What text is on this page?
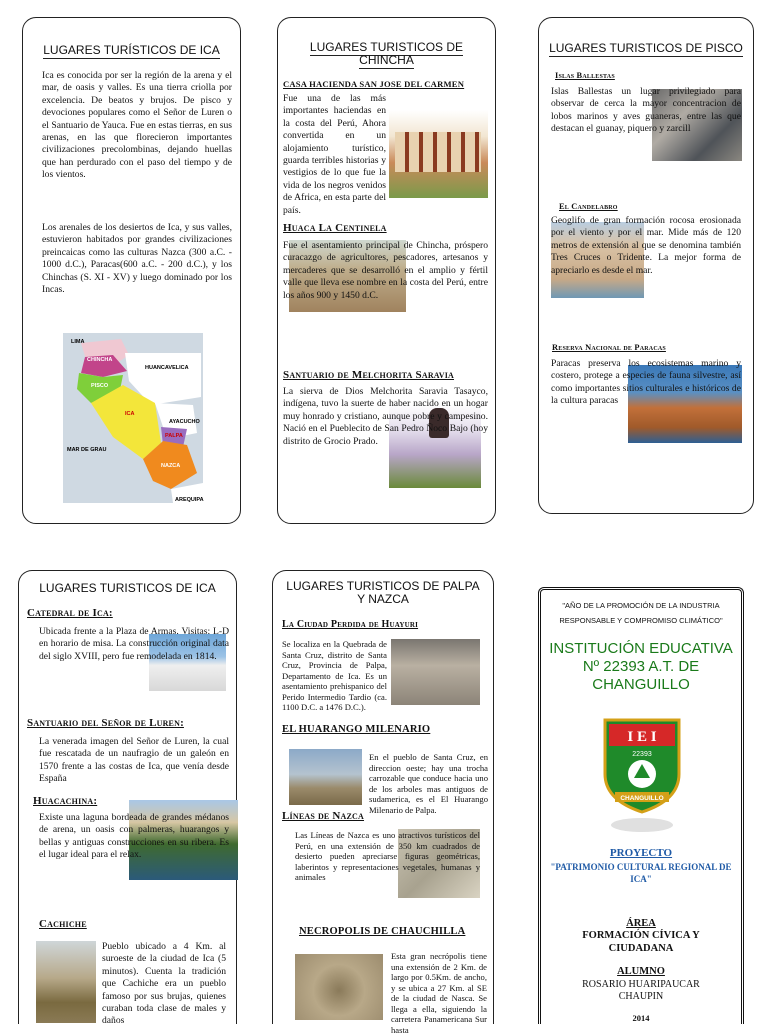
LUGARES TURÍSTICOS DE ICA

Ica es conocida por ser la región de la arena y el mar, de oasis y valles. Es una tierra criolla por excelencia. De beatos y brujos. De pisco y devociones populares como el Señor de Luren o el Santuario de Yauca. Fue en estas tierras, en sus arenas, en las que florecieron importantes civilizaciones precolombinas, dejando huellas que han perdurado con el paso del tiempo y de los vientos.

Los arenales de los desiertos de Ica, y sus valles, estuvieron habitados por grandes civilizaciones preincaicas como las culturas Nazca (300 a.C. - 1000 d.C.), Paracas(600 a.C. - 200 d.C.), y los Chinchas (S. XI - XV) y luego dominado por los Incas.

LIMA
CHINCHA
HUANCAVELICA
PISCO
ICA
AYACUCHO
PALPA
MAR DE GRAU
NAZCA
AREQUIPA

LUGARES TURISTICOS DE CHINCHA

CASA HACIENDA SAN JOSE DEL CARMEN

Fue una de las más importantes haciendas en la costa del Perú, Ahora convertida en un alojamiento turístico, guarda terribles historias y vestigios de lo que fue la vida de los negros venidos de Africa, en esta parte del país.

Huaca La Centinela

Fue el asentamiento principal de Chincha, próspero curacazgo de agricultores, pescadores, artesanos y mercaderes que se desarrolló en el amplio y fértil valle que lleva ese nombre en la costa del Perú, entre los años 900 y 1450 d.C.

Santuario de Melchorita Saravia

La sierva de Dios Melchorita Saravia Tasayco, indígena, tuvo la suerte de haber nacido en un hogar muy honrado y cristiano, aunque pobre y campesino. Nació en el Pueblecito de San Pedro Ñoco Bajo (hoy distrito de Grocio Prado.

LUGARES TURISTICOS DE PISCO

Islas Ballestas

Islas Ballestas un lugar privilegiado para observar de cerca la mayor concentracion de lobos marinos y aves guaneras, entre las que destacan el guanay, piquero y zarcill

El Candelabro

Geoglifo de gran formación rocosa erosionada por el viento y por el mar. Mide más de 120 metros de extensión al que se denomina también Tres Cruces o Tridente. La mejor forma de apreciarlo es desde el mar.

Reserva Nacional de Paracas

Paracas preserva los ecosistemas marino y costero, protege a especies de fauna silvestre, así como importantes sitios culturales e históricos de la cultura paracas

LUGARES TURISTICOS DE ICA

Catedral de Ica:

Ubicada frente a la Plaza de Armas. Visitas: L-D en horario de misa. La construcción original data del siglo XVIII, pero fue remodelada en 1814.

Santuario del Señor de Luren:

La venerada imagen del Señor de Luren, la cual fue rescatada de un naufragio de un galeón en 1570 frente a las costas de Ica, que venía desde España

Huacachina:

Existe una laguna bordeada de grandes médanos de arena, un oasis con palmeras, huarangos y bellas y antiguas construcciones en su ribera. Es el lugar ideal para el relax.

Cachiche

Pueblo ubicado a 4 Km. al suroeste de la ciudad de Ica (5 minutos). Cuenta la tradición que Cachiche era un pueblo famoso por sus brujas, quienes curaban toda clase de males y daños

LUGARES TURISTICOS DE PALPA Y NAZCA

La Ciudad Perdida de Huayuri

Se localiza en la Quebrada de Santa Cruz, distrito de Santa Cruz, Provincia de Palpa, Departamento de Ica. Es un asentamiento prehispanico del Perido Intermedio Tardio (ca. 1100 D.C. a 1476 D.C.).

EL HUARANGO MILENARIO

En el pueblo de Santa Cruz, en direccion oeste; hay una trocha carrozable que conduce hacia uno de los arboles mas antiguos de sudamerica, es el El Huarango Milenario de Palpa.

Líneas de Nazca

Las Líneas de Nazca es uno atractivos turísticos del Perú, en una extensión de 350 km cuadrados de desierto pueden apreciarse figuras geométricas, laberintos y representaciones vegetales, humanas y animales

NECROPOLIS DE CHAUCHILLA

Esta gran necrópolis tiene una extensión de 2 Km. de largo por 0.5Km. de ancho, y se ubica a 27 Km. al SE de la ciudad de Nasca. Se llega a ella, siguiendo la carretera Panamericana Sur hasta

"AÑO DE LA PROMOCIÓN DE LA INDUSTRIA RESPONSABLE Y COMPROMISO CLIMÁTICO"

INSTITUCIÓN EDUCATIVA Nº 22393 A.T. DE CHANGUILLO

I E I
22393
CHANGUILLO

PROYECTO

"PATRIMONIO CULTURAL REGIONAL DE ICA"

ÁREA

FORMACIÓN CÍVICA Y CIUDADANA

ALUMNO

ROSARIO HUARIPAUCAR CHAUPIN

2014
